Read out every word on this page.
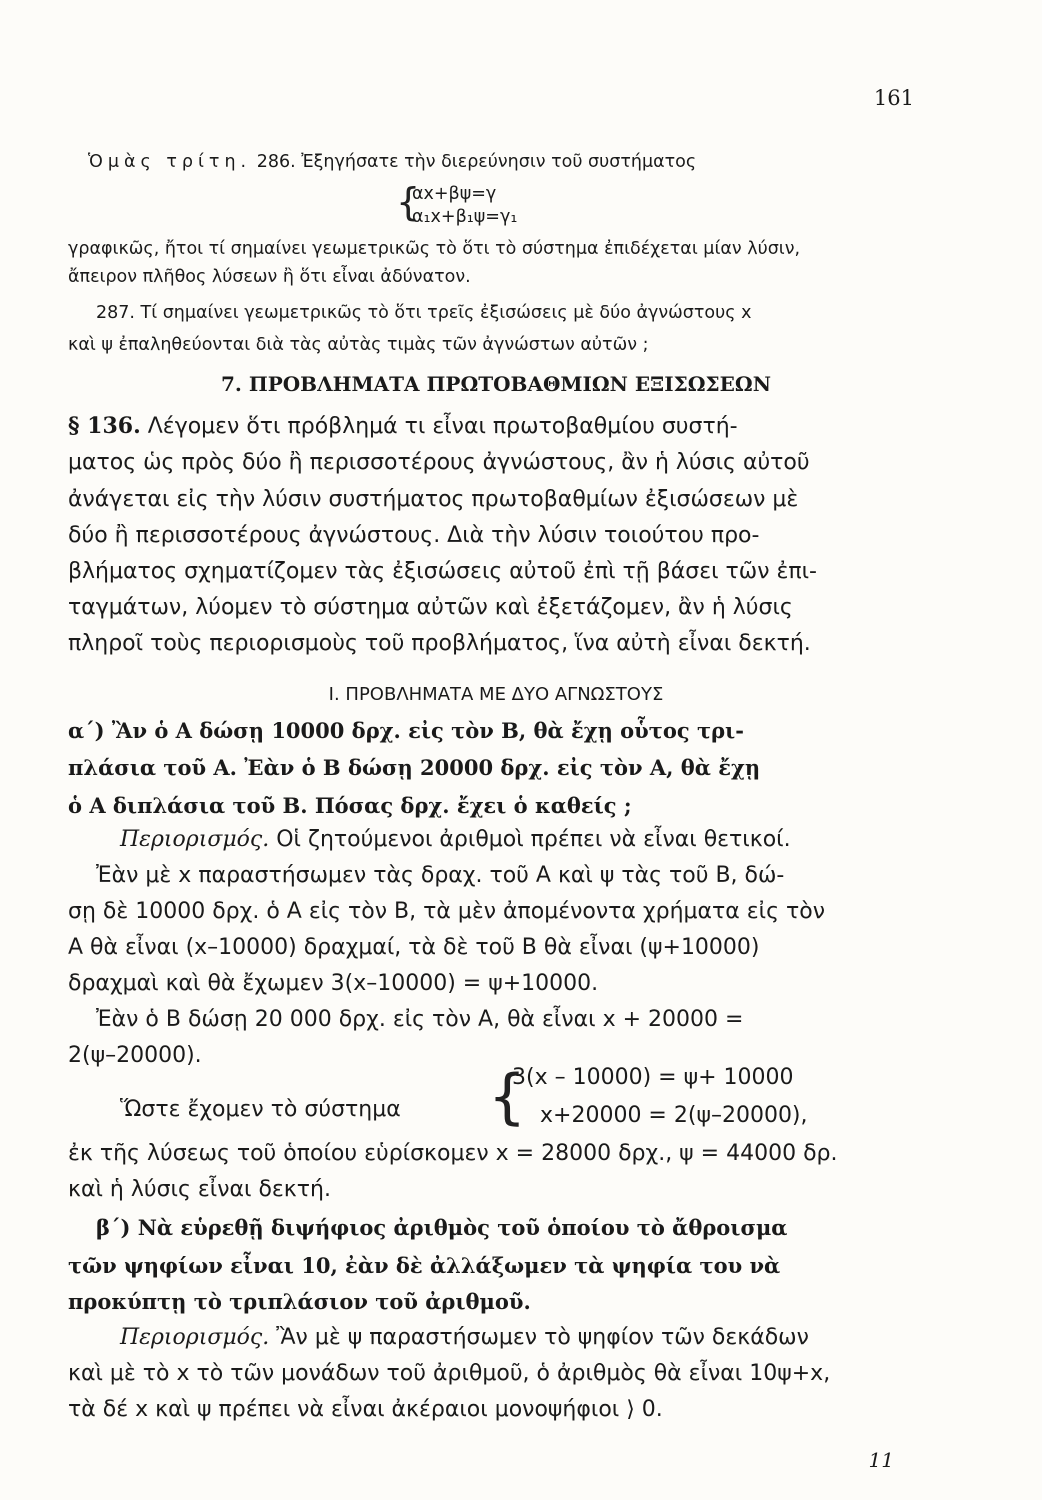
161
Ὁμὰς τρίτη. 286. Ἐξηγήσατε τὴν διερεύνησιν τοῦ συστήματος
{
αx+βψ=γ
α₁x+β₁ψ=γ₁
γραφικῶς, ἤτοι τί σημαίνει γεωμετρικῶς τὸ ὅτι τὸ σύστημα ἐπιδέχεται μίαν λύσιν,
ἄπειρον πλῆθος λύσεων ἢ ὅτι εἶναι ἀδύνατον.
287. Τί σημαίνει γεωμετρικῶς τὸ ὅτι τρεῖς ἐξισώσεις μὲ δύο ἀγνώστους x
καὶ ψ ἐπαληθεύονται διὰ τὰς αὐτὰς τιμὰς τῶν ἀγνώστων αὐτῶν ;
7. ΠΡΟΒΛΗΜΑΤΑ ΠΡΩΤΟΒΑΘΜΙΩΝ ΕΞΙΣΩΣΕΩΝ
§ 136. Λέγομεν ὅτι πρόβλημά τι εἶναι πρωτοβαθμίου συστή-
ματος ὡς πρὸς δύο ἢ περισσοτέρους ἀγνώστους, ἂν ἡ λύσις αὐτοῦ
ἀνάγεται εἰς τὴν λύσιν συστήματος πρωτοβαθμίων ἐξισώσεων μὲ
δύο ἢ περισσοτέρους ἀγνώστους. Διὰ τὴν λύσιν τοιούτου προ-
βλήματος σχηματίζομεν τὰς ἐξισώσεις αὐτοῦ ἐπὶ τῇ βάσει τῶν ἐπι-
ταγμάτων, λύομεν τὸ σύστημα αὐτῶν καὶ ἐξετάζομεν, ἂν ἡ λύσις
πληροῖ τοὺς περιορισμοὺς τοῦ προβλήματος, ἵνα αὐτὴ εἶναι δεκτή.
Ι. ΠΡΟΒΛΗΜΑΤΑ ΜΕ ΔΥΟ ΑΓΝΩΣΤΟΥΣ
α΄) Ἂν ὁ Α δώσῃ 10000 δρχ. εἰς τὸν Β, θὰ ἔχῃ οὗτος τρι-
πλάσια τοῦ Α. Ἐὰν ὁ Β δώσῃ 20000 δρχ. εἰς τὸν Α, θὰ ἔχῃ
ὁ Α διπλάσια τοῦ Β. Πόσας δρχ. ἔχει ὁ καθείς ;
Περιορισμός. Οἱ ζητούμενοι ἀριθμοὶ πρέπει νὰ εἶναι θετικοί.
Ἐὰν μὲ x παραστήσωμεν τὰς δραχ. τοῦ Α καὶ ψ τὰς τοῦ Β, δώ-
σῃ δὲ 10000 δρχ. ὁ Α εἰς τὸν Β, τὰ μὲν ἀπομένοντα χρήματα εἰς τὸν
Α θὰ εἶναι (x–10000) δραχμαί, τὰ δὲ τοῦ Β θὰ εἶναι (ψ+10000)
δραχμαὶ καὶ θὰ ἔχωμεν 3(x–10000) = ψ+10000.
Ἐὰν ὁ Β δώσῃ 20 000 δρχ. εἰς τὸν Α, θὰ εἶναι x + 20000 =
2(ψ–20000).
Ὥστε ἔχομεν τὸ σύστημα	{
3(x – 10000) = ψ+ 10000
x+20000 = 2(ψ–20000),
ἐκ τῆς λύσεως τοῦ ὁποίου εὑρίσκομεν x = 28000 δρχ., ψ = 44000 δρ.
καὶ ἡ λύσις εἶναι δεκτή.
β΄) Νὰ εὑρεθῇ διψήφιος ἀριθμὸς τοῦ ὁποίου τὸ ἄθροισμα
τῶν ψηφίων εἶναι 10, ἐὰν δὲ ἀλλάξωμεν τὰ ψηφία του νὰ
προκύπτῃ τὸ τριπλάσιον τοῦ ἀριθμοῦ.
Περιορισμός. Ἂν μὲ ψ παραστήσωμεν τὸ ψηφίον τῶν δεκάδων
καὶ μὲ τὸ x τὸ τῶν μονάδων τοῦ ἀριθμοῦ, ὁ ἀριθμὸς θὰ εἶναι 10ψ+x,
τὰ δέ x καὶ ψ πρέπει νὰ εἶναι ἀκέραιοι μονοψήφιοι ⟩ 0.
11
